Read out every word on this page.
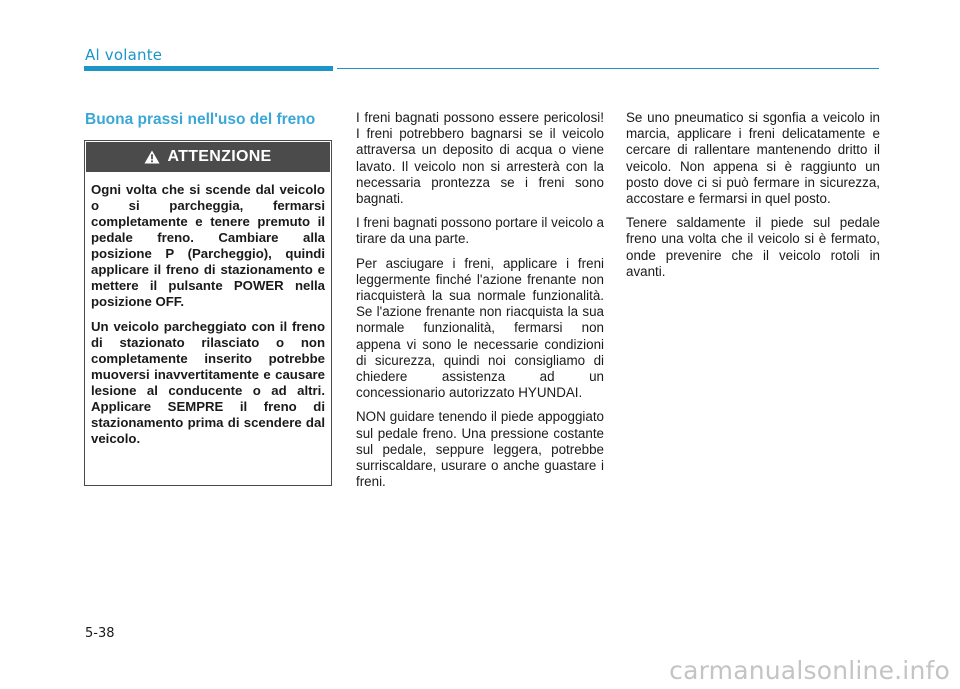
Al volante
Buona prassi nell'uso del freno
ATTENZIONE

Ogni volta che si scende dal veicolo o si parcheggia, fermarsi completamente e tenere premuto il pedale freno. Cambiare alla posizione P (Parcheggio), quindi applicare il freno di stazionamento e mettere il pulsante POWER nella posizione OFF.

Un veicolo parcheggiato con il freno di stazionato rilasciato o non completamente inserito potrebbe muoversi inavvertitamente e causare lesione al conducente o ad altri. Applicare SEMPRE il freno di stazionamento prima di scendere dal veicolo.

I freni bagnati possono essere pericolosi! I freni potrebbero bagnarsi se il veicolo attraversa un deposito di acqua o viene lavato. Il veicolo non si arresterà con la necessaria prontezza se i freni sono bagnati.

I freni bagnati possono portare il veicolo a tirare da una parte.

Per asciugare i freni, applicare i freni leggermente finché l'azione frenante non riacquisterà la sua normale funzionalità. Se l'azione frenante non riacquista la sua normale funzionalità, fermarsi non appena vi sono le necessarie condizioni di sicurezza, quindi noi consigliamo di chiedere assistenza ad un concessionario autorizzato HYUNDAI.

NON guidare tenendo il piede appoggiato sul pedale freno. Una pressione costante sul pedale, seppure leggera, potrebbe surriscaldare, usurare o anche guastare i freni.

Se uno pneumatico si sgonfia a veicolo in marcia, applicare i freni delicatamente e cercare di rallentare mantenendo dritto il veicolo. Non appena si è raggiunto un posto dove ci si può fermare in sicurezza, accostare e fermarsi in quel posto.

Tenere saldamente il piede sul pedale freno una volta che il veicolo si è fermato, onde prevenire che il veicolo rotoli in avanti.

5-38
carmanualsonline.info
